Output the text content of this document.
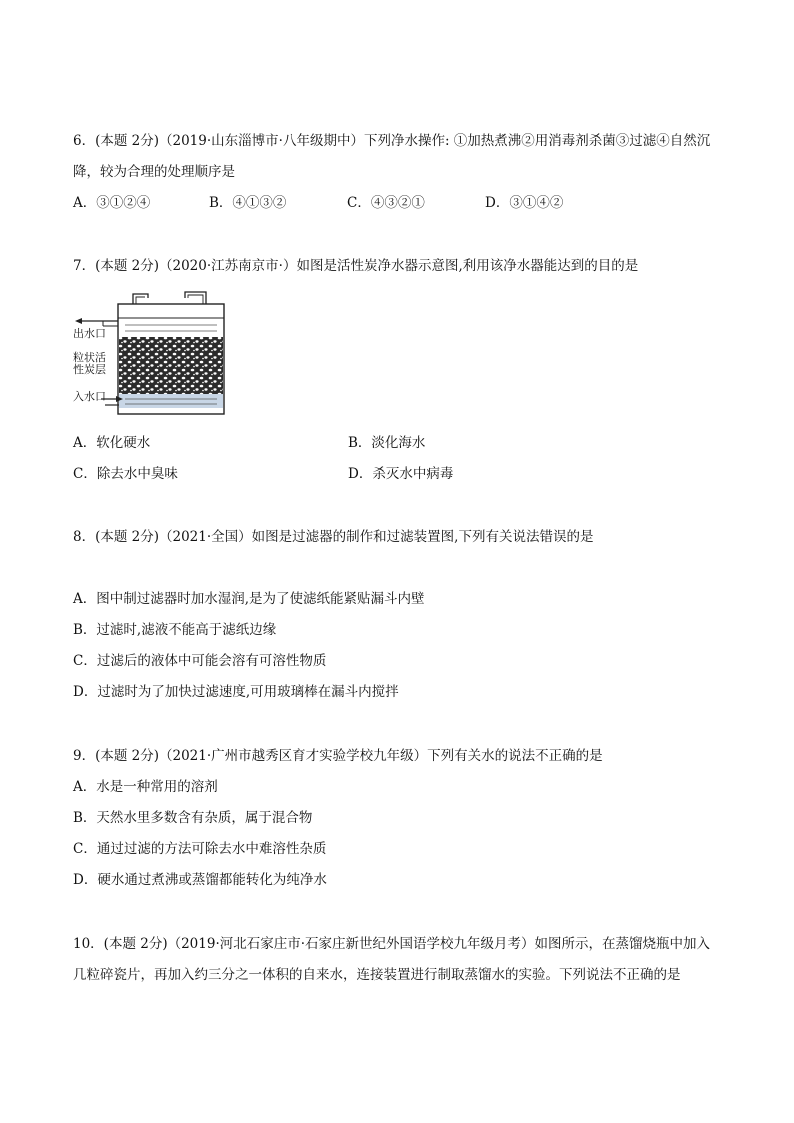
6．(本题 2分)（2019·山东淄博市·八年级期中）下列净水操作: ①加热煮沸②用消毒剂杀菌③过滤④自然沉
降，较为合理的处理顺序是
A．③①②④	B．④①③②	C．④③②①	D．③①④②
7．(本题 2分)（2020·江苏南京市·）如图是活性炭净水器示意图,利用该净水器能达到的目的是
出水口
粒状活
性炭层
入水口
A．软化硬水	B．淡化海水
C．除去水中臭味	D．杀灭水中病毒
8．(本题 2分)（2021·全国）如图是过滤器的制作和过滤装置图,下列有关说法错误的是
A．图中制过滤器时加水湿润,是为了使滤纸能紧贴漏斗内壁
B．过滤时,滤液不能高于滤纸边缘
C．过滤后的液体中可能会溶有可溶性物质
D．过滤时为了加快过滤速度,可用玻璃棒在漏斗内搅拌
9．(本题 2分)（2021·广州市越秀区育才实验学校九年级）下列有关水的说法不正确的是
A．水是一种常用的溶剂
B．天然水里多数含有杂质，属于混合物
C．通过过滤的方法可除去水中难溶性杂质
D．硬水通过煮沸或蒸馏都能转化为纯净水
10．(本题 2分)（2019·河北石家庄市·石家庄新世纪外国语学校九年级月考）如图所示，在蒸馏烧瓶中加入
几粒碎瓷片，再加入约三分之一体积的自来水，连接装置进行制取蒸馏水的实验。下列说法不正确的是
